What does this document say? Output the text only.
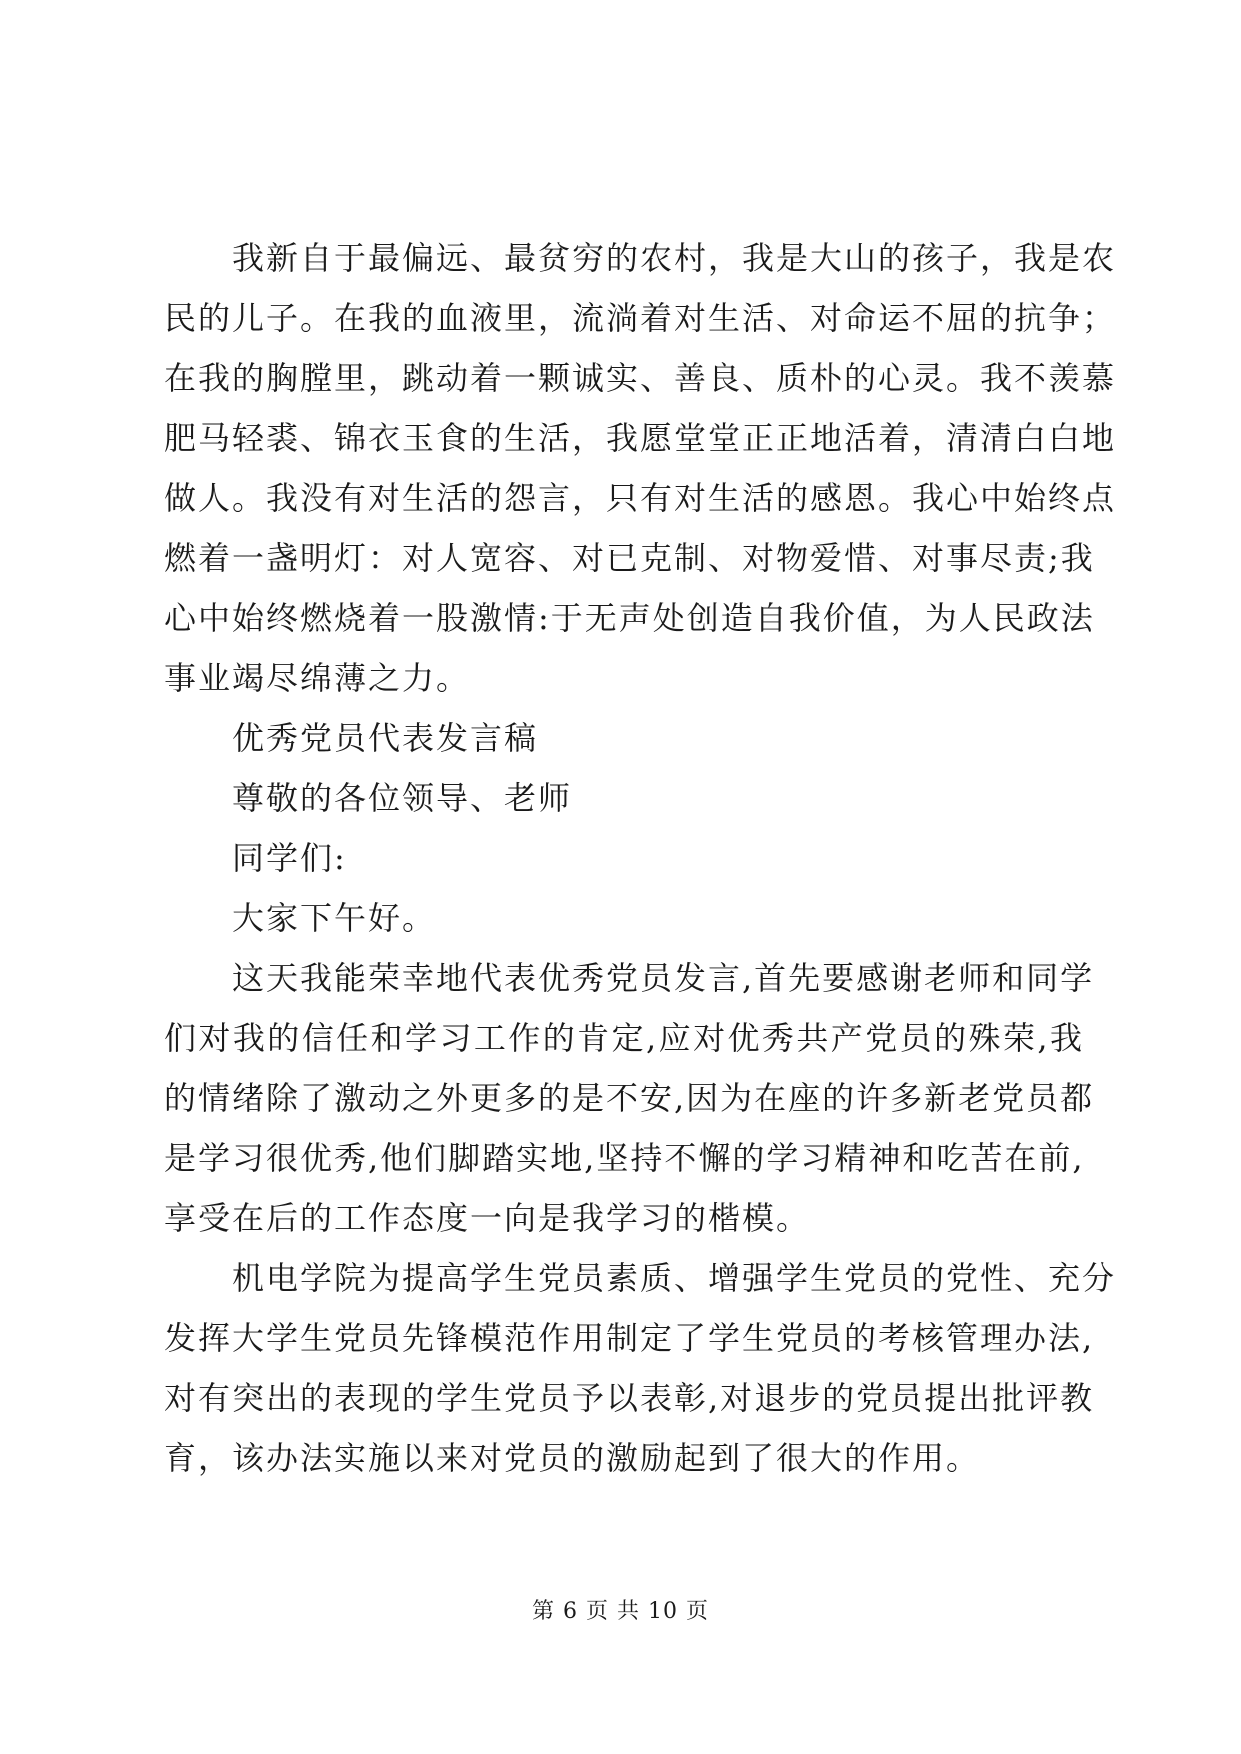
我新自于最偏远、最贫穷的农村，我是大山的孩子，我是农
民的儿子。在我的血液里，流淌着对生活、对命运不屈的抗争；
在我的胸膛里，跳动着一颗诚实、善良、质朴的心灵。我不羡慕
肥马轻裘、锦衣玉食的生活，我愿堂堂正正地活着，清清白白地
做人。我没有对生活的怨言，只有对生活的感恩。我心中始终点
燃着一盏明灯：对人宽容、对已克制、对物爱惜、对事尽责;我
心中始终燃烧着一股激情:于无声处创造自我价值，为人民政法
事业竭尽绵薄之力。
优秀党员代表发言稿
尊敬的各位领导、老师
同学们:
大家下午好。
这天我能荣幸地代表优秀党员发言,首先要感谢老师和同学
们对我的信任和学习工作的肯定,应对优秀共产党员的殊荣,我
的情绪除了激动之外更多的是不安,因为在座的许多新老党员都
是学习很优秀,他们脚踏实地,坚持不懈的学习精神和吃苦在前,
享受在后的工作态度一向是我学习的楷模。
机电学院为提高学生党员素质、增强学生党员的党性、充分
发挥大学生党员先锋模范作用制定了学生党员的考核管理办法,
对有突出的表现的学生党员予以表彰,对退步的党员提出批评教
育，该办法实施以来对党员的激励起到了很大的作用。
第 6 页 共 10 页
